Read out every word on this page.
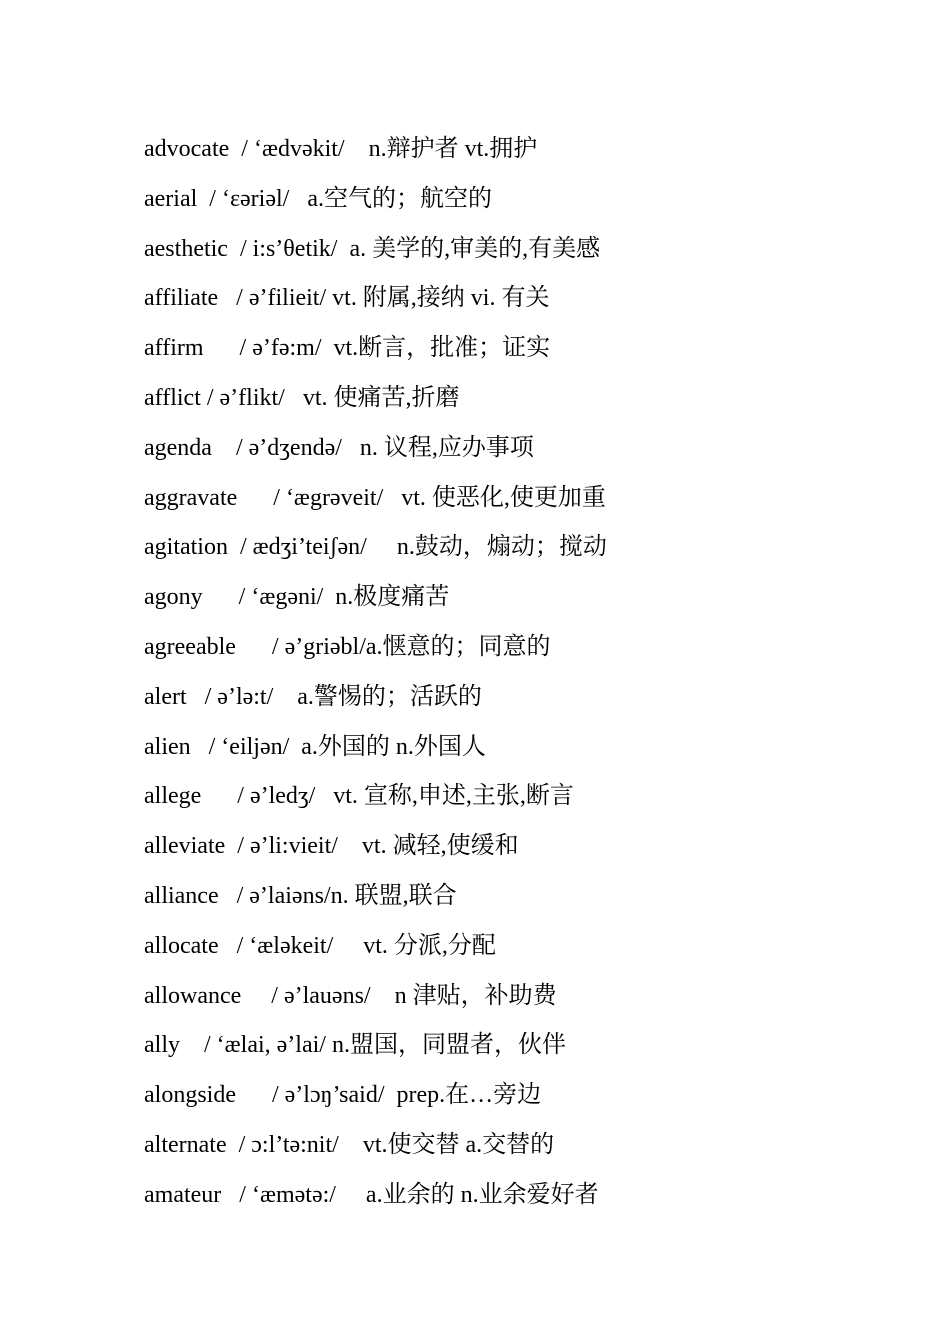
advocate  / ‘ædvəkit/    n.辩护者 vt.拥护
aerial  / ‘εəriəl/   a.空气的；航空的
aesthetic  / i:s’θetik/  a. 美学的,审美的,有美感
affiliate   / ə’filieit/ vt. 附属,接纳 vi. 有关
affirm      / ə’fə:m/  vt.断言，批准；证实
afflict / ə’flikt/   vt. 使痛苦,折磨
agenda    / ə’dʒendə/   n. 议程,应办事项
aggravate      / ‘ægrəveit/   vt. 使恶化,使更加重
agitation  / ædʒi’teiʃən/     n.鼓动，煽动；搅动
agony      / ‘ægəni/  n.极度痛苦
agreeable      / ə’griəbl/a.惬意的；同意的
alert   / ə’lə:t/    a.警惕的；活跃的
alien   / ‘eiljən/  a.外国的 n.外国人
allege      / ə’ledʒ/   vt. 宣称,申述,主张,断言
alleviate  / ə’li:vieit/    vt. 减轻,使缓和
alliance   / ə’laiəns/n. 联盟,联合
allocate   / ‘æləkeit/     vt. 分派,分配
allowance     / ə’lauəns/    n 津贴，补助费
ally    / ‘ælai, ə’lai/ n.盟国，同盟者，伙伴
alongside      / ə’lɔŋ’said/  prep.在…旁边
alternate  / ɔ:l’tə:nit/    vt.使交替 a.交替的
amateur   / ‘æmətə:/     a.业余的 n.业余爱好者
